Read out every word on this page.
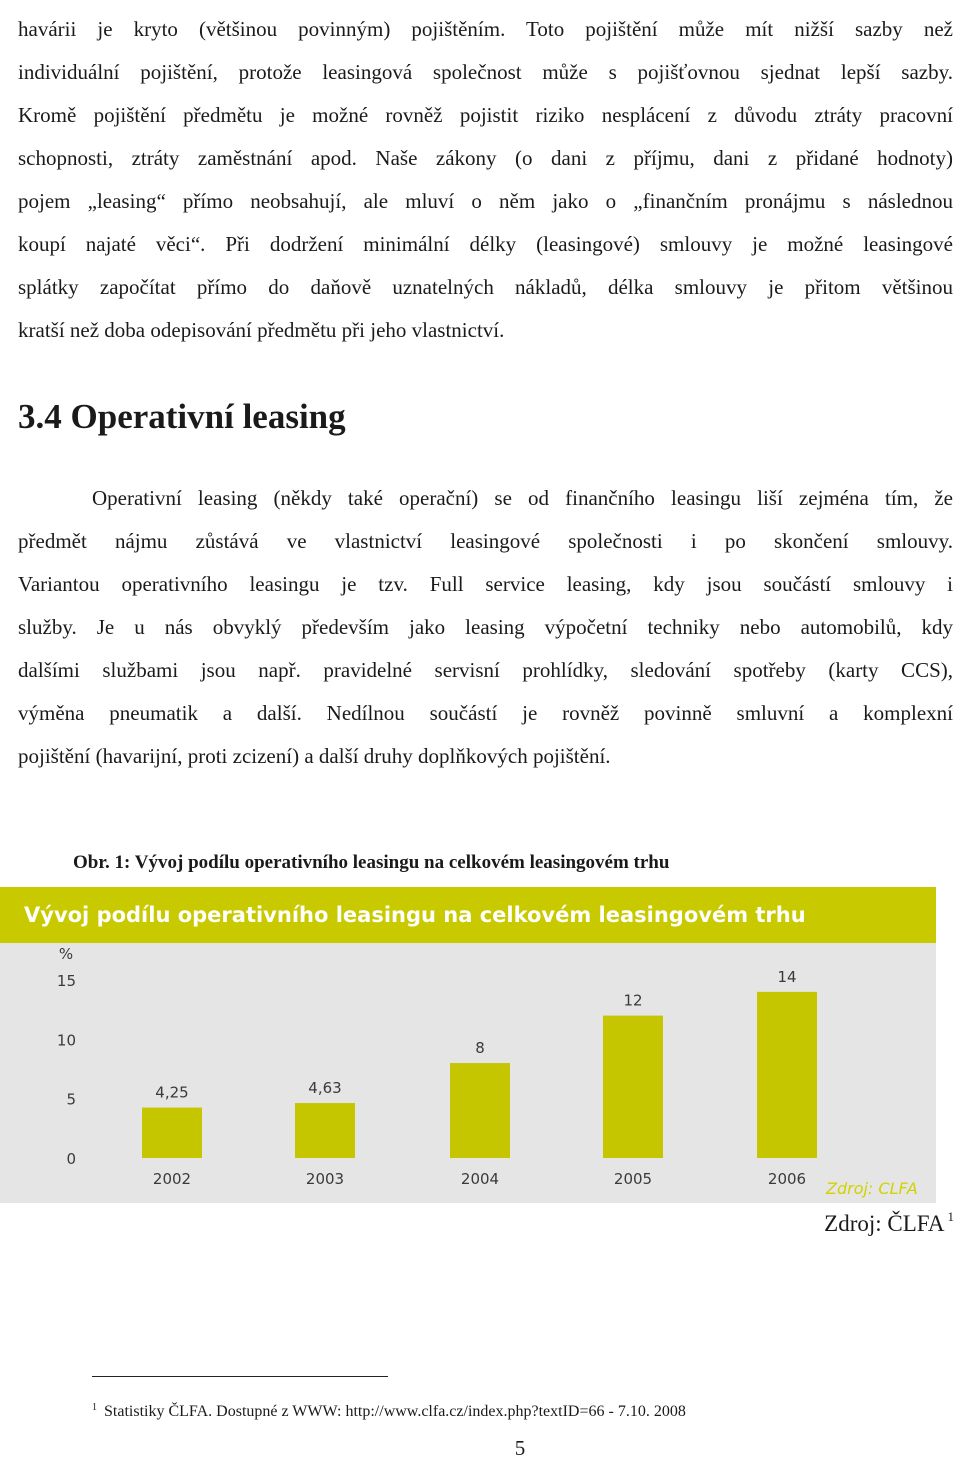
havárii je kryto (většinou povinným) pojištěním. Toto pojištění může mít nižší sazby než
individuální pojištění, protože leasingová společnost může s pojišťovnou sjednat lepší sazby.
Kromě pojištění předmětu je možné rovněž pojistit riziko nesplácení z důvodu ztráty pracovní
schopnosti, ztráty zaměstnání apod. Naše zákony (o dani z příjmu, dani z přidané hodnoty)
pojem „leasing“ přímo neobsahují, ale mluví o něm jako o „finančním pronájmu s následnou
koupí najaté věci“. Při dodržení minimální délky (leasingové) smlouvy je možné leasingové
splátky započítat přímo do daňově uznatelných nákladů, délka smlouvy je přitom většinou
kratší než doba odepisování předmětu při jeho vlastnictví.
3.4 Operativní leasing
Operativní leasing (někdy také operační) se od finančního leasingu liší zejména tím, že
předmět nájmu zůstává ve vlastnictví leasingové společnosti i po skončení smlouvy.
Variantou operativního leasingu je tzv. Full service leasing, kdy jsou součástí smlouvy i
služby. Je u nás obvyklý především jako leasing výpočetní techniky nebo automobilů, kdy
dalšími službami jsou např. pravidelné servisní prohlídky, sledování spotřeby (karty CCS),
výměna pneumatik a další. Nedílnou součástí je rovněž povinně smluvní a komplexní
pojištění (havarijní, proti zcizení) a další druhy doplňkových pojištění.
Obr. 1: Vývoj podílu operativního leasingu na celkovém leasingovém trhu
Vývoj podílu operativního leasingu na celkovém leasingovém trhu
%
0
5
10
15
4,25
2002
4,63
2003
8
2004
12
2005
14
2006 Zdroj: CLFA
Zdroj: ČLFA $^1$
$^1$ Statistiky ČLFA. Dostupné z WWW: http://www.clfa.cz/index.php?textID=66 - 7.10. 2008
5
